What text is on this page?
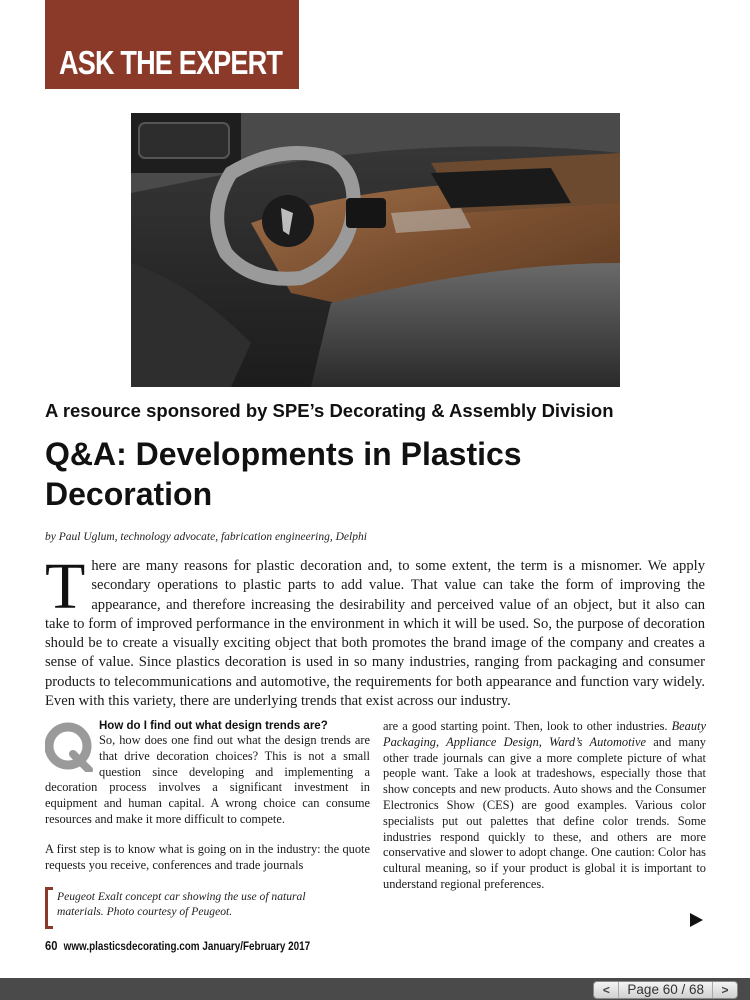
ASK THE EXPERT
A resource sponsored by SPE’s Decorating & Assembly Division
Q&A: Developments in Plastics Decoration
by Paul Uglum, technology advocate, fabrication engineering, Delphi
There are many reasons for plastic decoration and, to some extent, the term is a misnomer. We apply secondary operations to plastic parts to add value. That value can take the form of improving the appearance, and therefore increasing the desirability and perceived value of an object, but it also can take to form of improved performance in the environment in which it will be used. So, the purpose of decoration should be to create a visually exciting object that both promotes the brand image of the company and creates a sense of value. Since plastics decoration is used in so many industries, ranging from packaging and consumer products to telecommunications and automotive, the requirements for both appearance and function vary widely. Even with this variety, there are underlying trends that exist across our industry.
How do I find out what design trends are?
So, how does one find out what the design trends are that drive decoration choices? This is not a small question since developing and implementing a decoration process involves a significant investment in equipment and human capital. A wrong choice can consume resources and make it more difficult to compete.
A first step is to know what is going on in the industry: the quote requests you receive, conferences and trade journals
are a good starting point. Then, look to other industries. Beauty Packaging, Appliance Design, Ward’s Automotive and many other trade journals can give a more complete picture of what people want. Take a look at tradeshows, especially those that show concepts and new products. Auto shows and the Consumer Electronics Show (CES) are good examples. Various color specialists put out palettes that define color trends. Some industries respond quickly to these, and others are more conservative and slower to adopt change. One caution: Color has cultural meaning, so if your product is global it is important to understand regional preferences.
Peugeot Exalt concept car showing the use of natural materials. Photo courtesy of Peugeot.
60 www.plasticsdecorating.com January/February 2017
<	Page 60 / 68	>
